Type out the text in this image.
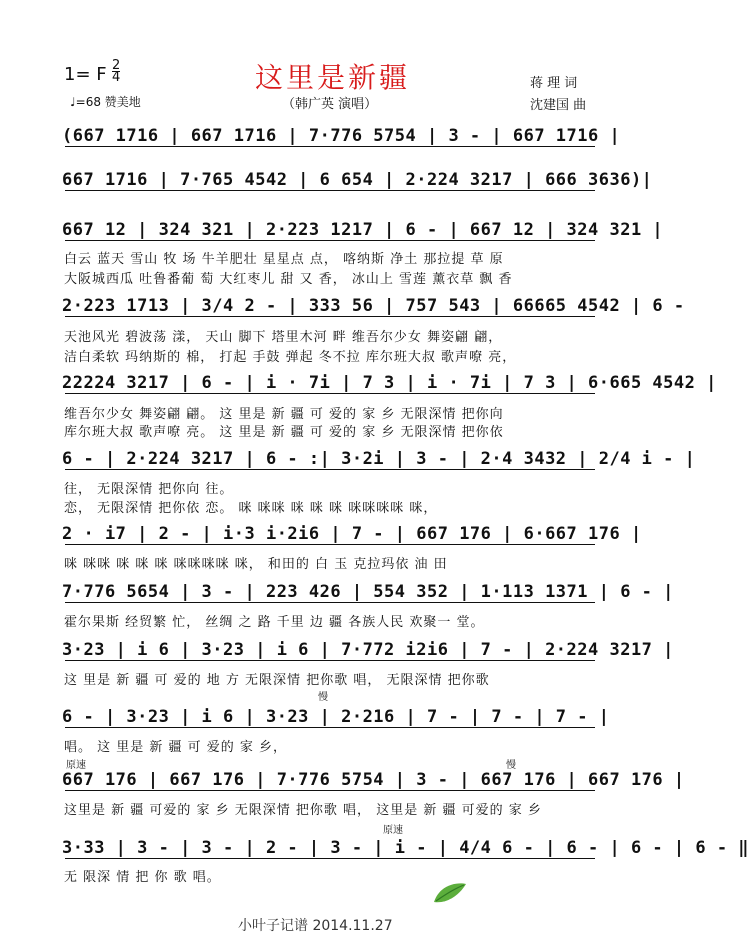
这里是新疆
1= F $\frac{2}{4}$
♩=68 赞美地	（韩广英 演唱）
蒋 理 词
沈建国 曲
(667 1716 | 667 1716 | 7·776 5754 | 3 - | 667 1716 |
667 1716 | 7·765 4542 | 6 654 | 2·224 3217 | 666 3636)|
667 12 | 324 321 | 2·223 1217 | 6 - | 667 12 | 324 321 |
2·223 1713 | 3/4 2 - | 333 56 | 757 543 | 66665 4542 | 6 -
22224 3217 | 6 - | i · 7i | 7 3 | i · 7i | 7 3 | 6·665 4542 |
6 - | 2·224 3217 | 6 - :| 3·2i | 3 - | 2·4 3432 | 2/4 i - |
2 · i7 | 2 - | i·3 i·2i6 | 7 - | 667 176 | 6·667 176 |
7·776 5654 | 3 - | 223 426 | 554 352 | 1·113 1371 | 6 - |
3·23 | i 6 | 3·23 | i 6 | 7·772 i2i6 | 7 - | 2·224 3217 |
6 - | 3·23 | i 6 | 3·23 | 2·216 | 7 - | 7 - | 7 - |
667 176 | 667 176 | 7·776 5754 | 3 - | 667 176 | 667 176 |
3·33 | 3 - | 3 - | 2 - | 3 - | i - | 4/4 6 - | 6 - | 6 - | 6 - ‖
白云 蓝天 雪山 牧 场 牛羊肥壮 星星点 点， 喀纳斯 净土 那拉提 草 原
大阪城西瓜 吐鲁番葡 萄 大红枣儿 甜 又 香， 冰山上 雪莲 薰衣草 飘 香
天池风光 碧波荡 漾， 天山 脚下 塔里木河 畔 维吾尔少女 舞姿翩 翩，
洁白柔软 玛纳斯的 棉， 打起 手鼓 弹起 冬不拉 库尔班大叔 歌声嘹 亮，
维吾尔少女 舞姿翩 翩。 这 里是 新 疆 可 爱的 家 乡 无限深情 把你向
库尔班大叔 歌声嘹 亮。 这 里是 新 疆 可 爱的 家 乡 无限深情 把你依
往， 无限深情 把你向 往。
恋， 无限深情 把你依 恋。 咪 咪咪 咪 咪 咪 咪咪咪咪 咪，
咪 咪咪 咪 咪 咪 咪咪咪咪 咪， 和田的 白 玉 克拉玛依 油 田
霍尔果斯 经贸繁 忙， 丝绸 之 路 千里 边 疆 各族人民 欢聚一 堂。
这 里是 新 疆 可 爱的 地 方 无限深情 把你歌 唱， 无限深情 把你歌
唱。 这 里是 新 疆 可 爱的 家 乡，
这里是 新 疆 可爱的 家 乡 无限深情 把你歌 唱， 这里是 新 疆 可爱的 家 乡
无 限深 情 把 你 歌 唱。
慢
原速	慢
原速
小叶子记谱 2014.11.27
